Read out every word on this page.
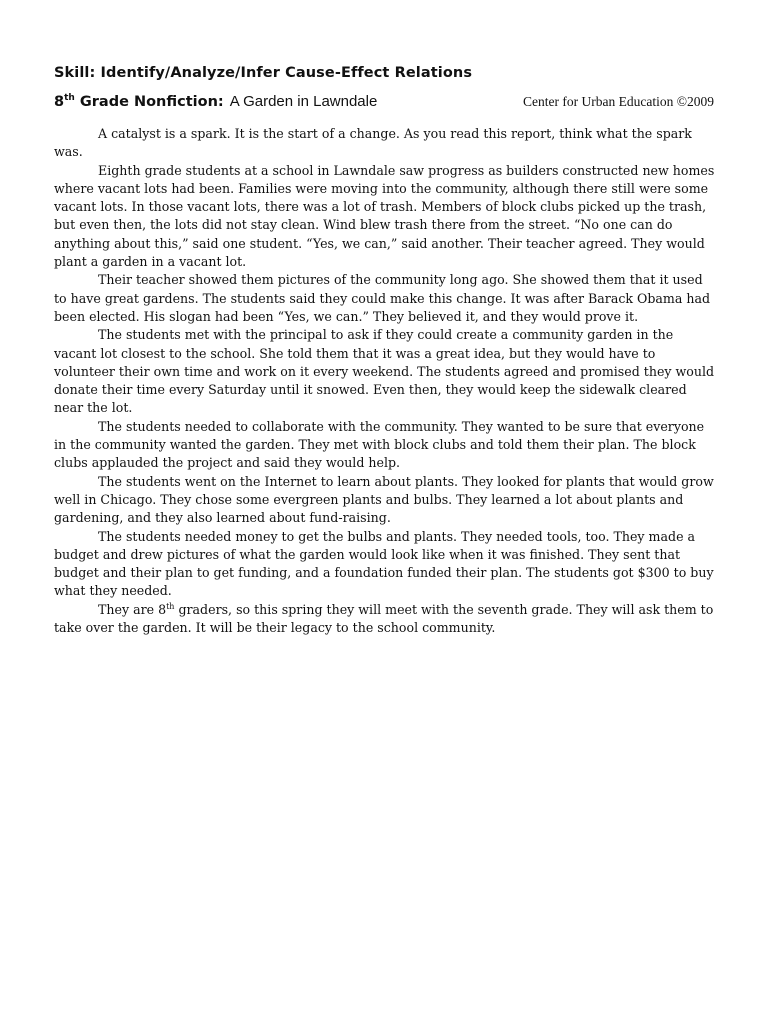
Skill: Identify/Analyze/Infer Cause-Effect Relations
8th Grade Nonfiction: A Garden in Lawndale	Center for Urban Education ©2009

A catalyst is a spark. It is the start of a change. As you read this report, think what the spark was.

Eighth grade students at a school in Lawndale saw progress as builders constructed new homes where vacant lots had been. Families were moving into the community, although there still were some vacant lots. In those vacant lots, there was a lot of trash. Members of block clubs picked up the trash, but even then, the lots did not stay clean. Wind blew trash there from the street. “No one can do anything about this,” said one student. “Yes, we can,” said another. Their teacher agreed. They would plant a garden in a vacant lot.

Their teacher showed them pictures of the community long ago. She showed them that it used to have great gardens. The students said they could make this change. It was after Barack Obama had been elected. His slogan had been “Yes, we can.” They believed it, and they would prove it.

The students met with the principal to ask if they could create a community garden in the vacant lot closest to the school. She told them that it was a great idea, but they would have to volunteer their own time and work on it every weekend. The students agreed and promised they would donate their time every Saturday until it snowed. Even then, they would keep the sidewalk cleared near the lot.

The students needed to collaborate with the community. They wanted to be sure that everyone in the community wanted the garden. They met with block clubs and told them their plan. The block clubs applauded the project and said they would help.

The students went on the Internet to learn about plants. They looked for plants that would grow well in Chicago. They chose some evergreen plants and bulbs. They learned a lot about plants and gardening, and they also learned about fund-raising.

The students needed money to get the bulbs and plants. They needed tools, too. They made a budget and drew pictures of what the garden would look like when it was finished. They sent that budget and their plan to get funding, and a foundation funded their plan. The students got $300 to buy what they needed.

They are 8th graders, so this spring they will meet with the seventh grade. They will ask them to take over the garden. It will be their legacy to the school community.
